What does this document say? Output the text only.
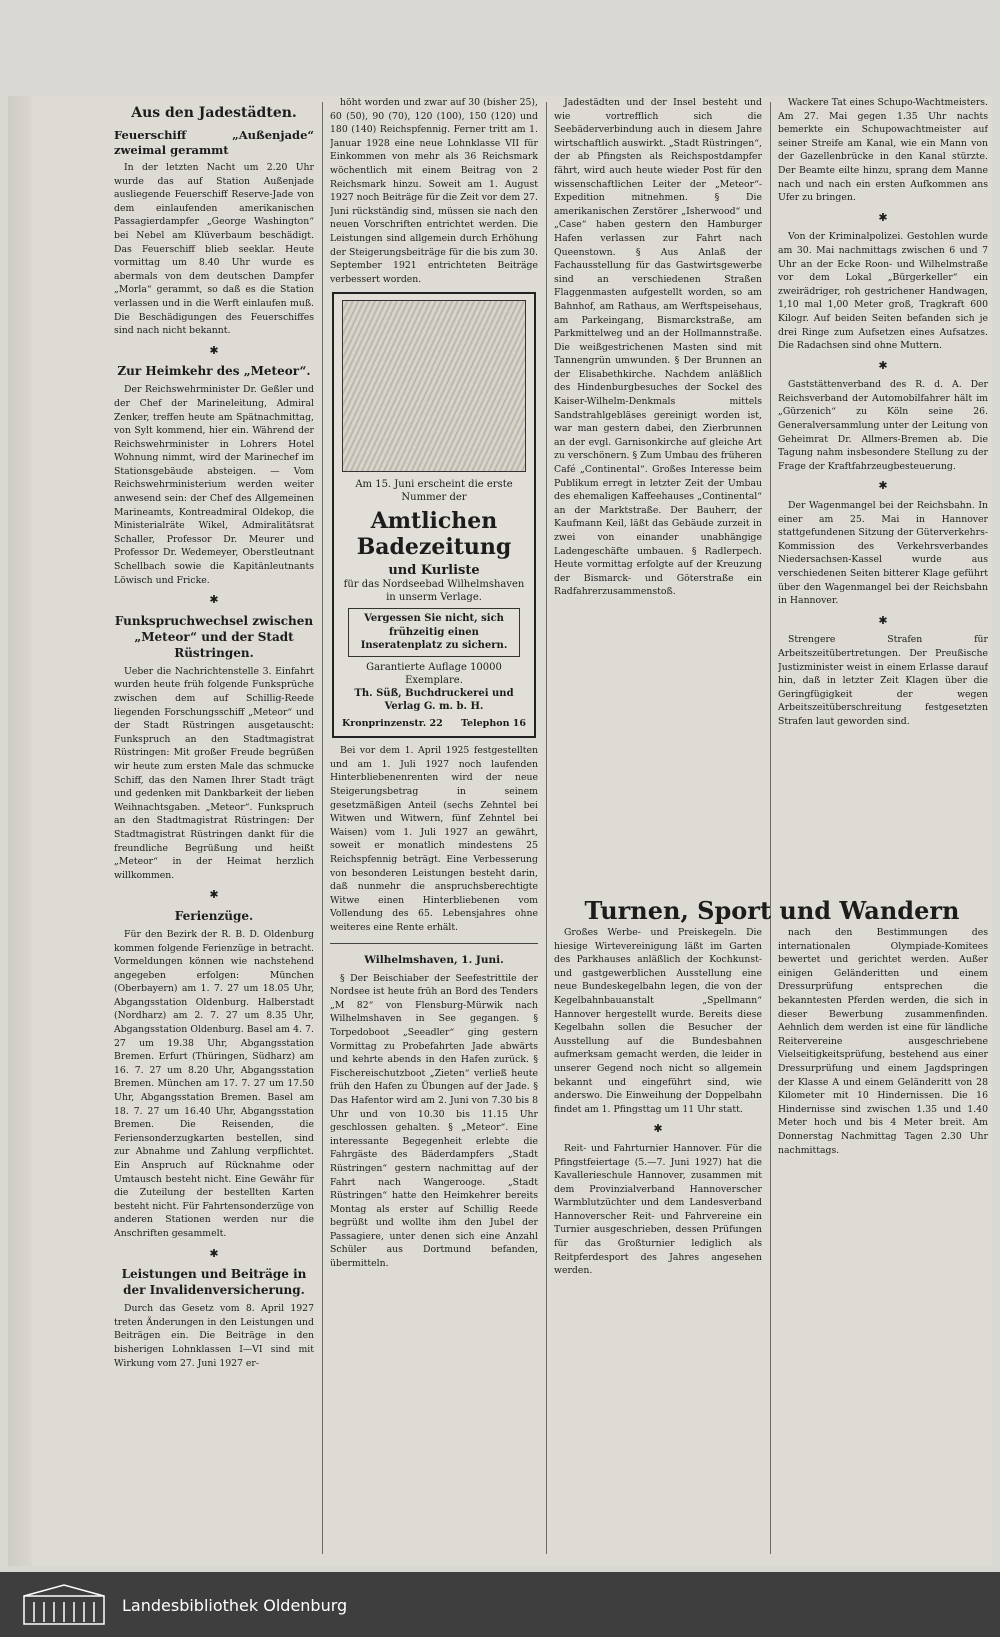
Aus den Jadestädten.
Feuerschiff „Außenjade“ zweimal gerammt

In der letzten Nacht um 2.20 Uhr wurde das auf Station Außenjade ausliegende Feuerschiff Reserve-Jade von dem einlaufenden amerikanischen Passagierdampfer „George Washington“ bei Nebel am Klüverbaum beschädigt. Das Feuerschiff blieb seeklar. Heute vormittag um 8.40 Uhr wurde es abermals von dem deutschen Dampfer „Morla“ gerammt, so daß es die Station verlassen und in die Werft einlaufen muß. Die Beschädigungen des Feuerschiffes sind nach nicht bekannt.

✱
Zur Heimkehr des „Meteor“.

Der Reichswehrminister Dr. Geßler und der Chef der Marineleitung, Admiral Zenker, treffen heute am Spätnachmittag, von Sylt kommend, hier ein. Während der Reichswehrminister in Lohrers Hotel Wohnung nimmt, wird der Marinechef im Stationsgebäude absteigen. — Vom Reichswehrministerium werden weiter anwesend sein: der Chef des Allgemeinen Marineamts, Kontreadmiral Oldekop, die Ministerialräte Wikel, Admiralitätsrat Schaller, Professor Dr. Meurer und Professor Dr. Wedemeyer, Oberstleutnant Schellbach sowie die Kapitänleutnants Löwisch und Fricke.

✱
Funkspruchwechsel zwischen „Meteor“ und der Stadt Rüstringen.

Ueber die Nachrichtenstelle 3. Einfahrt wurden heute früh folgende Funksprüche zwischen dem auf Schillig-Reede liegenden Forschungsschiff „Meteor“ und der Stadt Rüstringen ausgetauscht: Funkspruch an den Stadtmagistrat Rüstringen: Mit großer Freude begrüßen wir heute zum ersten Male das schmucke Schiff, das den Namen Ihrer Stadt trägt und gedenken mit Dankbarkeit der lieben Weihnachtsgaben. „Meteor“. Funkspruch an den Stadtmagistrat Rüstringen: Der Stadtmagistrat Rüstringen dankt für die freundliche Begrüßung und heißt „Meteor“ in der Heimat herzlich willkommen.

✱
Ferienzüge.

Für den Bezirk der R. B. D. Oldenburg kommen folgende Ferienzüge in betracht. Vormeldungen können wie nachstehend angegeben erfolgen: München (Oberbayern) am 1. 7. 27 um 18.05 Uhr, Abgangsstation Oldenburg. Halberstadt (Nordharz) am 2. 7. 27 um 8.35 Uhr, Abgangsstation Oldenburg. Basel am 4. 7. 27 um 19.38 Uhr, Abgangsstation Bremen. Erfurt (Thüringen, Südharz) am 16. 7. 27 um 8.20 Uhr, Abgangsstation Bremen. München am 17. 7. 27 um 17.50 Uhr, Abgangsstation Bremen. Basel am 18. 7. 27 um 16.40 Uhr, Abgangsstation Bremen. Die Reisenden, die Feriensonderzugkarten bestellen, sind zur Abnahme und Zahlung verpflichtet. Ein Anspruch auf Rücknahme oder Umtausch besteht nicht. Eine Gewähr für die Zuteilung der bestellten Karten besteht nicht. Für Fahrtensonderzüge von anderen Stationen werden nur die Anschriften gesammelt.

✱
Leistungen und Beiträge in der Invalidenversicherung.

Durch das Gesetz vom 8. April 1927 treten Änderungen in den Leistungen und Beiträgen ein. Die Beiträge in den bisherigen Lohnklassen I—VI sind mit Wirkung vom 27. Juni 1927 er-

höht worden und zwar auf 30 (bisher 25), 60 (50), 90 (70), 120 (100), 150 (120) und 180 (140) Reichspfennig. Ferner tritt am 1. Januar 1928 eine neue Lohnklasse VII für Einkommen von mehr als 36 Reichsmark wöchentlich mit einem Beitrag von 2 Reichsmark hinzu. Soweit am 1. August 1927 noch Beiträge für die Zeit vor dem 27. Juni rückständig sind, müssen sie nach den neuen Vorschriften entrichtet werden. Die Leistungen sind allgemein durch Erhöhung der Steigerungsbeiträge für die bis zum 30. September 1921 entrichteten Beiträge verbessert worden.

Am 15. Juni erscheint die erste Nummer der
Amtlichen Badezeitung
und Kurliste
für das Nordseebad Wilhelmshaven in unserm Verlage.
Vergessen Sie nicht, sich frühzeitig einen Inseratenplatz zu sichern.
Garantierte Auflage 10000 Exemplare.
Th. Süß, Buchdruckerei und Verlag G. m. b. H.
Kronprinzenstr. 22 Telephon 16

Bei vor dem 1. April 1925 festgestellten und am 1. Juli 1927 noch laufenden Hinterbliebenenrenten wird der neue Steigerungsbetrag in seinem gesetzmäßigen Anteil (sechs Zehntel bei Witwen und Witwern, fünf Zehntel bei Waisen) vom 1. Juli 1927 an gewährt, soweit er monatlich mindestens 25 Reichspfennig beträgt. Eine Verbesserung von besonderen Leistungen besteht darin, daß nunmehr die anspruchsberechtigte Witwe einen Hinterbliebenen vom Vollendung des 65. Lebensjahres ohne weiteres eine Rente erhält.

Wilhelmshaven, 1. Juni.

§ Der Beischiaber der Seefestrittile der Nordsee ist heute früh an Bord des Tenders „M 82“ von Flensburg-Mürwik nach Wilhelmshaven in See gegangen. § Torpedoboot „Seeadler“ ging gestern Vormittag zu Probefahrten Jade abwärts und kehrte abends in den Hafen zurück. § Fischereischutzboot „Zieten“ verließ heute früh den Hafen zu Übungen auf der Jade. § Das Hafentor wird am 2. Juni von 7.30 bis 8 Uhr und von 10.30 bis 11.15 Uhr geschlossen gehalten. § „Meteor“. Eine interessante Begegenheit erlebte die Fahrgäste des Bäderdampfers „Stadt Rüstringen“ gestern nachmittag auf der Fahrt nach Wangerooge. „Stadt Rüstringen“ hatte den Heimkehrer bereits Montag als erster auf Schillig Reede begrüßt und wollte ihm den Jubel der Passagiere, unter denen sich eine Anzahl Schüler aus Dortmund befanden, übermitteln.

Jadestädten und der Insel besteht und wie vortrefflich sich die Seebäderverbindung auch in diesem Jahre wirtschaftlich auswirkt. „Stadt Rüstringen“, der ab Pfingsten als Reichspostdampfer fährt, wird auch heute wieder Post für den wissenschaftlichen Leiter der „Meteor“-Expedition mitnehmen. § Die amerikanischen Zerstörer „Isherwood“ und „Case“ haben gestern den Hamburger Hafen verlassen zur Fahrt nach Queenstown. § Aus Anlaß der Fachausstellung für das Gastwirtsgewerbe sind an verschiedenen Straßen Flaggenmasten aufgestellt worden, so am Bahnhof, am Rathaus, am Werftspeisehaus, am Parkeingang, Bismarckstraße, am Parkmittelweg und an der Hollmannstraße. Die weißgestrichenen Masten sind mit Tannengrün umwunden. § Der Brunnen an der Elisabethkirche. Nachdem anläßlich des Hindenburgbesuches der Sockel des Kaiser-Wilhelm-Denkmals mittels Sandstrahlgebläses gereinigt worden ist, war man gestern dabei, den Zierbrunnen an der evgl. Garnisonkirche auf gleiche Art zu verschönern. § Zum Umbau des früheren Café „Continental“. Großes Interesse beim Publikum erregt in letzter Zeit der Umbau des ehemaligen Kaffeehauses „Continental“ an der Marktstraße. Der Bauherr, der Kaufmann Keil, läßt das Gebäude zurzeit in zwei von einander unabhängige Ladengeschäfte umbauen. § Radlerpech. Heute vormittag erfolgte auf der Kreuzung der Bismarck- und Göterstraße ein Radfahrerzusammenstoß.

Großes Werbe- und Preiskegeln. Die hiesige Wirtevereinigung läßt im Garten des Parkhauses anläßlich der Kochkunst- und gastgewerblichen Ausstellung eine neue Bundeskegelbahn legen, die von der Kegelbahnbauanstalt „Spellmann“ Hannover hergestellt wurde. Bereits diese Kegelbahn sollen die Besucher der Ausstellung auf die Bundesbahnen aufmerksam gemacht werden, die leider in unserer Gegend noch nicht so allgemein bekannt und eingeführt sind, wie anderswo. Die Einweihung der Doppelbahn findet am 1. Pfingsttag um 11 Uhr statt.

✱

Reit- und Fahrturnier Hannover. Für die Pfingstfeiertage (5.—7. Juni 1927) hat die Kavallerieschule Hannover, zusammen mit dem Provinzialverband Hannoverscher Warmblutzüchter und dem Landesverband Hannoverscher Reit- und Fahrvereine ein Turnier ausgeschrieben, dessen Prüfungen für das Großturnier lediglich als Reitpferdesport des Jahres angesehen werden.

Wackere Tat eines Schupo-Wachtmeisters. Am 27. Mai gegen 1.35 Uhr nachts bemerkte ein Schupowachtmeister auf seiner Streife am Kanal, wie ein Mann von der Gazellenbrücke in den Kanal stürzte. Der Beamte eilte hinzu, sprang dem Manne nach und nach ein ersten Aufkommen ans Ufer zu bringen.

✱

Von der Kriminalpolizei. Gestohlen wurde am 30. Mai nachmittags zwischen 6 und 7 Uhr an der Ecke Roon- und Wilhelmstraße vor dem Lokal „Bürgerkeller“ ein zweirädriger, roh gestrichener Handwagen, 1,10 mal 1,00 Meter groß, Tragkraft 600 Kilogr. Auf beiden Seiten befanden sich je drei Ringe zum Aufsetzen eines Aufsatzes. Die Radachsen sind ohne Muttern.

✱

Gaststättenverband des R. d. A. Der Reichsverband der Automobilfahrer hält im „Gürzenich“ zu Köln seine 26. Generalversammlung unter der Leitung von Geheimrat Dr. Allmers-Bremen ab. Die Tagung nahm insbesondere Stellung zu der Frage der Kraftfahrzeugbesteuerung.

✱

Der Wagenmangel bei der Reichsbahn. In einer am 25. Mai in Hannover stattgefundenen Sitzung der Güterverkehrs-Kommission des Verkehrsverbandes Niedersachsen-Kassel wurde aus verschiedenen Seiten bitterer Klage geführt über den Wagenmangel bei der Reichsbahn in Hannover.

✱

Strengere Strafen für Arbeitszeitübertretungen. Der Preußische Justizminister weist in einem Erlasse darauf hin, daß in letzter Zeit Klagen über die Geringfügigkeit der wegen Arbeitszeitüberschreitung festgesetzten Strafen laut geworden sind.

nach den Bestimmungen des internationalen Olympiade-Komitees bewertet und gerichtet werden. Außer einigen Geländeritten und einem Dressurprüfung entsprechen die bekanntesten Pferden werden, die sich in dieser Bewerbung zusammenfinden. Aehnlich dem werden ist eine für ländliche Reitervereine ausgeschriebene Vielseitigkeitsprüfung, bestehend aus einer Dressurprüfung und einem Jagdspringen der Klasse A und einem Geländeritt von 28 Kilometer mit 10 Hindernissen. Die 16 Hindernisse sind zwischen 1.35 und 1.40 Meter hoch und bis 4 Meter breit. Am Donnerstag Nachmittag Tagen 2.30 Uhr nachmittags.

Turnen, Sport und Wandern
Landesbibliothek Oldenburg
